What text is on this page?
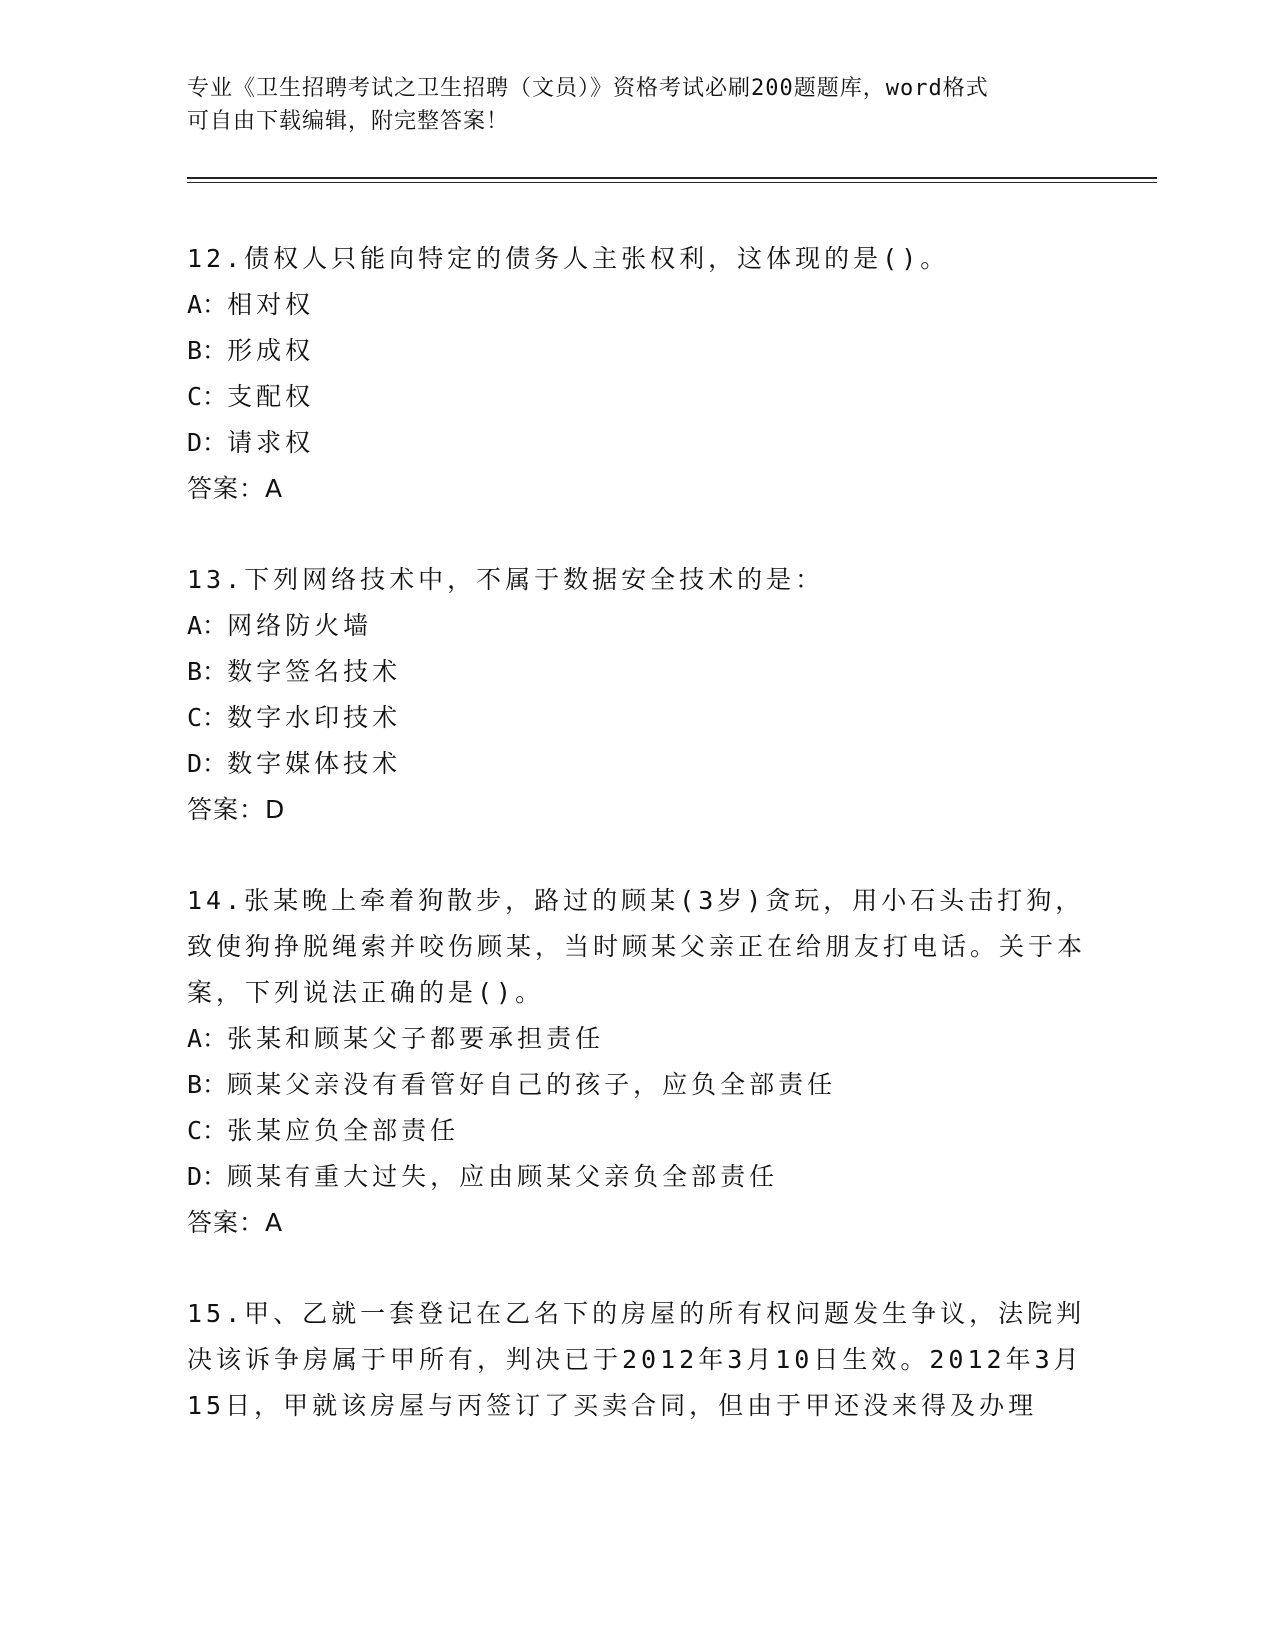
专业《卫生招聘考试之卫生招聘（文员）》资格考试必刷200题题库，word格式
可自由下载编辑，附完整答案！
12.债权人只能向特定的债务人主张权利，这体现的是()。
A：相对权
B：形成权
C：支配权
D：请求权
答案：A
13.下列网络技术中，不属于数据安全技术的是：
A：网络防火墙
B：数字签名技术
C：数字水印技术
D：数字媒体技术
答案：D
14.张某晚上牵着狗散步，路过的顾某(3岁)贪玩，用小石头击打狗，致使狗挣脱绳索并咬伤顾某，当时顾某父亲正在给朋友打电话。关于本案，下列说法正确的是()。
A：张某和顾某父子都要承担责任
B：顾某父亲没有看管好自己的孩子，应负全部责任
C：张某应负全部责任
D：顾某有重大过失，应由顾某父亲负全部责任
答案：A
15.甲、乙就一套登记在乙名下的房屋的所有权问题发生争议，法院判决该诉争房属于甲所有，判决已于2012年3月10日生效。2012年3月15日，甲就该房屋与丙签订了买卖合同，但由于甲还没来得及办理
